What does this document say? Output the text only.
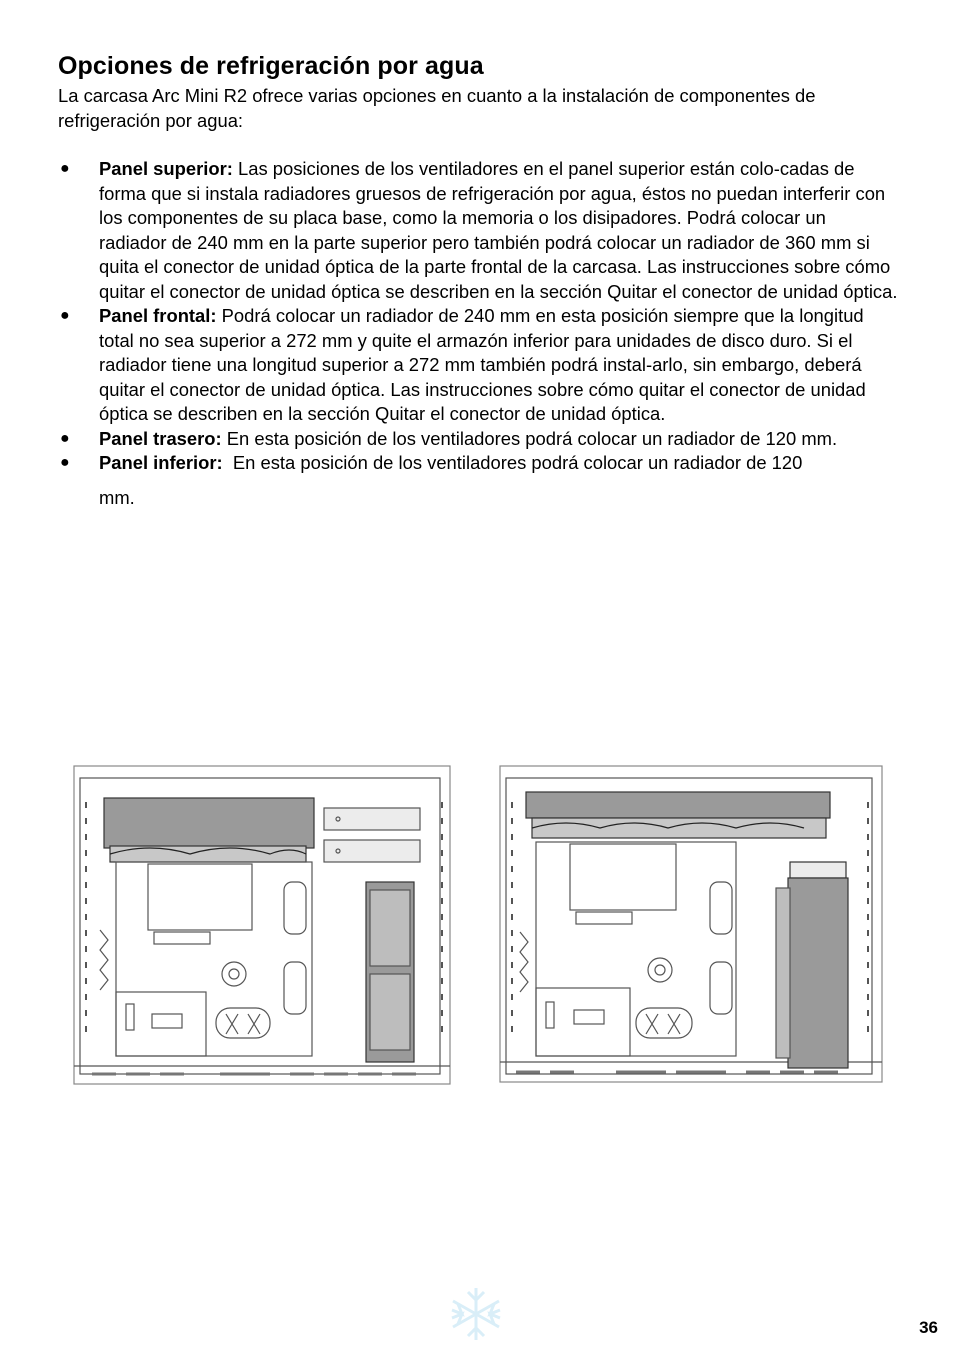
Opciones de refrigeración por agua

La carcasa Arc Mini R2 ofrece varias opciones en cuanto a la instalación de componentes de refrigeración por agua:

● Panel superior: Las posiciones de los ventiladores en el panel superior están colo-cadas de forma que si instala radiadores gruesos de refrigeración por agua, éstos no puedan interferir con los componentes de su placa base, como la memoria o los disipadores. Podrá colocar un radiador de 240 mm en la parte superior pero también podrá colocar un radiador de 360 mm si quita el conector de unidad óptica de la parte frontal de la carcasa. Las instrucciones sobre cómo quitar el conector de unidad óptica se describen en la sección Quitar el conector de unidad óptica.
● Panel frontal: Podrá colocar un radiador de 240 mm en esta posición siempre que la longitud total no sea superior a 272 mm y quite el armazón inferior para unidades de disco duro. Si el radiador tiene una longitud superior a 272 mm también podrá instal-arlo, sin embargo, deberá quitar el conector de unidad óptica. Las instrucciones sobre cómo quitar el conector de unidad óptica se describen en la sección Quitar el conector de unidad óptica.
● Panel trasero: En esta posición de los ventiladores podrá colocar un radiador de 120 mm.
● Panel inferior: En esta posición de los ventiladores podrá colocar un radiador de 120
mm.
36
